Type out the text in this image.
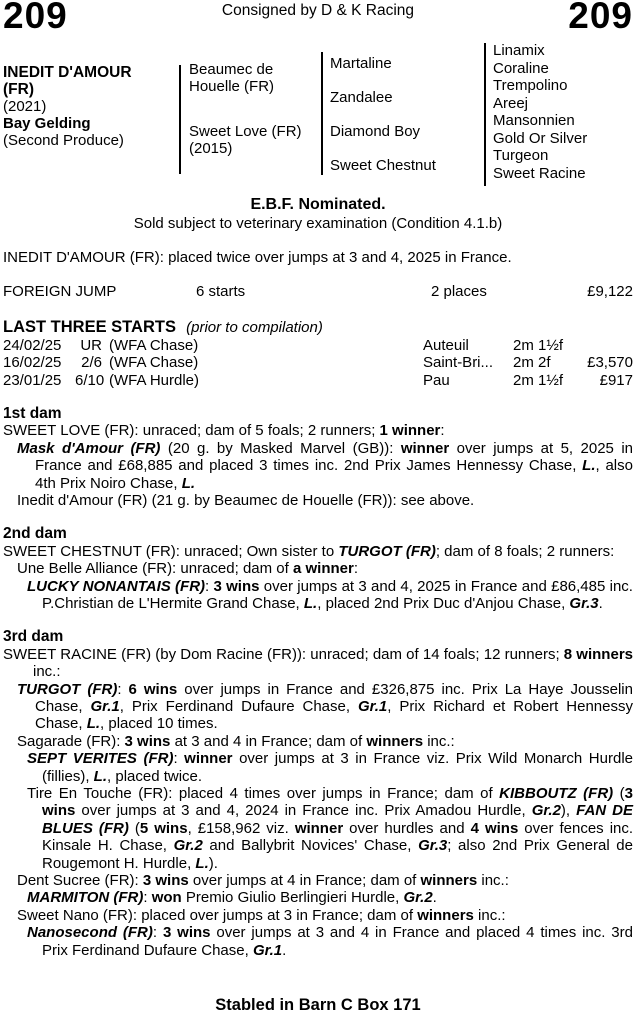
209	Consigned by D & K Racing	209
INEDIT D'AMOUR (FR)
(2021)
Bay Gelding
(Second Produce)
Beaumec de Houelle (FR)
Sweet Love (FR)
(2015)
Martaline
Zandalee
Diamond Boy
Sweet Chestnut
Linamix
Coraline
Trempolino
Areej
Mansonnien
Gold Or Silver
Turgeon
Sweet Racine
E.B.F. Nominated.
Sold subject to veterinary examination (Condition 4.1.b)
INEDIT D'AMOUR (FR): placed twice over jumps at 3 and 4, 2025 in France.
FOREIGN JUMP	6 starts	2 places	£9,122
LAST THREE STARTS (prior to compilation)
24/02/25	UR (WFA Chase)	Auteuil	2m 1½f
16/02/25	2/6 (WFA Chase)	Saint-Bri...	2m 2f	£3,570
23/01/25 6/10 (WFA Hurdle)	Pau	2m 1½f	£917
1st dam

SWEET LOVE (FR): unraced; dam of 5 foals; 2 runners; 1 winner:

Mask d'Amour (FR) (20 g. by Masked Marvel (GB)): winner over jumps at 5, 2025 in France and £68,885 and placed 3 times inc. 2nd Prix James Hennessy Chase, L., also 4th Prix Noiro Chase, L.

Inedit d'Amour (FR) (21 g. by Beaumec de Houelle (FR)): see above.

2nd dam

SWEET CHESTNUT (FR): unraced; Own sister to TURGOT (FR); dam of 8 foals; 2 runners:

Une Belle Alliance (FR): unraced; dam of a winner:

LUCKY NONANTAIS (FR): 3 wins over jumps at 3 and 4, 2025 in France and £86,485 inc. P.Christian de L'Hermite Grand Chase, L., placed 2nd Prix Duc d'Anjou Chase, Gr.3.

3rd dam

SWEET RACINE (FR) (by Dom Racine (FR)): unraced; dam of 14 foals; 12 runners; 8 winners inc.:

TURGOT (FR): 6 wins over jumps in France and £326,875 inc. Prix La Haye Jousselin Chase, Gr.1, Prix Ferdinand Dufaure Chase, Gr.1, Prix Richard et Robert Hennessy Chase, L., placed 10 times.

Sagarade (FR): 3 wins at 3 and 4 in France; dam of winners inc.:

SEPT VERITES (FR): winner over jumps at 3 in France viz. Prix Wild Monarch Hurdle (fillies), L., placed twice.

Tire En Touche (FR): placed 4 times over jumps in France; dam of KIBBOUTZ (FR) (3 wins over jumps at 3 and 4, 2024 in France inc. Prix Amadou Hurdle, Gr.2), FAN DE BLUES (FR) (5 wins, £158,962 viz. winner over hurdles and 4 wins over fences inc. Kinsale H. Chase, Gr.2 and Ballybrit Novices' Chase, Gr.3; also 2nd Prix General de Rougemont H. Hurdle, L.).

Dent Sucree (FR): 3 wins over jumps at 4 in France; dam of winners inc.:

MARMITON (FR): won Premio Giulio Berlingieri Hurdle, Gr.2.

Sweet Nano (FR): placed over jumps at 3 in France; dam of winners inc.:

Nanosecond (FR): 3 wins over jumps at 3 and 4 in France and placed 4 times inc. 3rd Prix Ferdinand Dufaure Chase, Gr.1.

Stabled in Barn C Box 171
